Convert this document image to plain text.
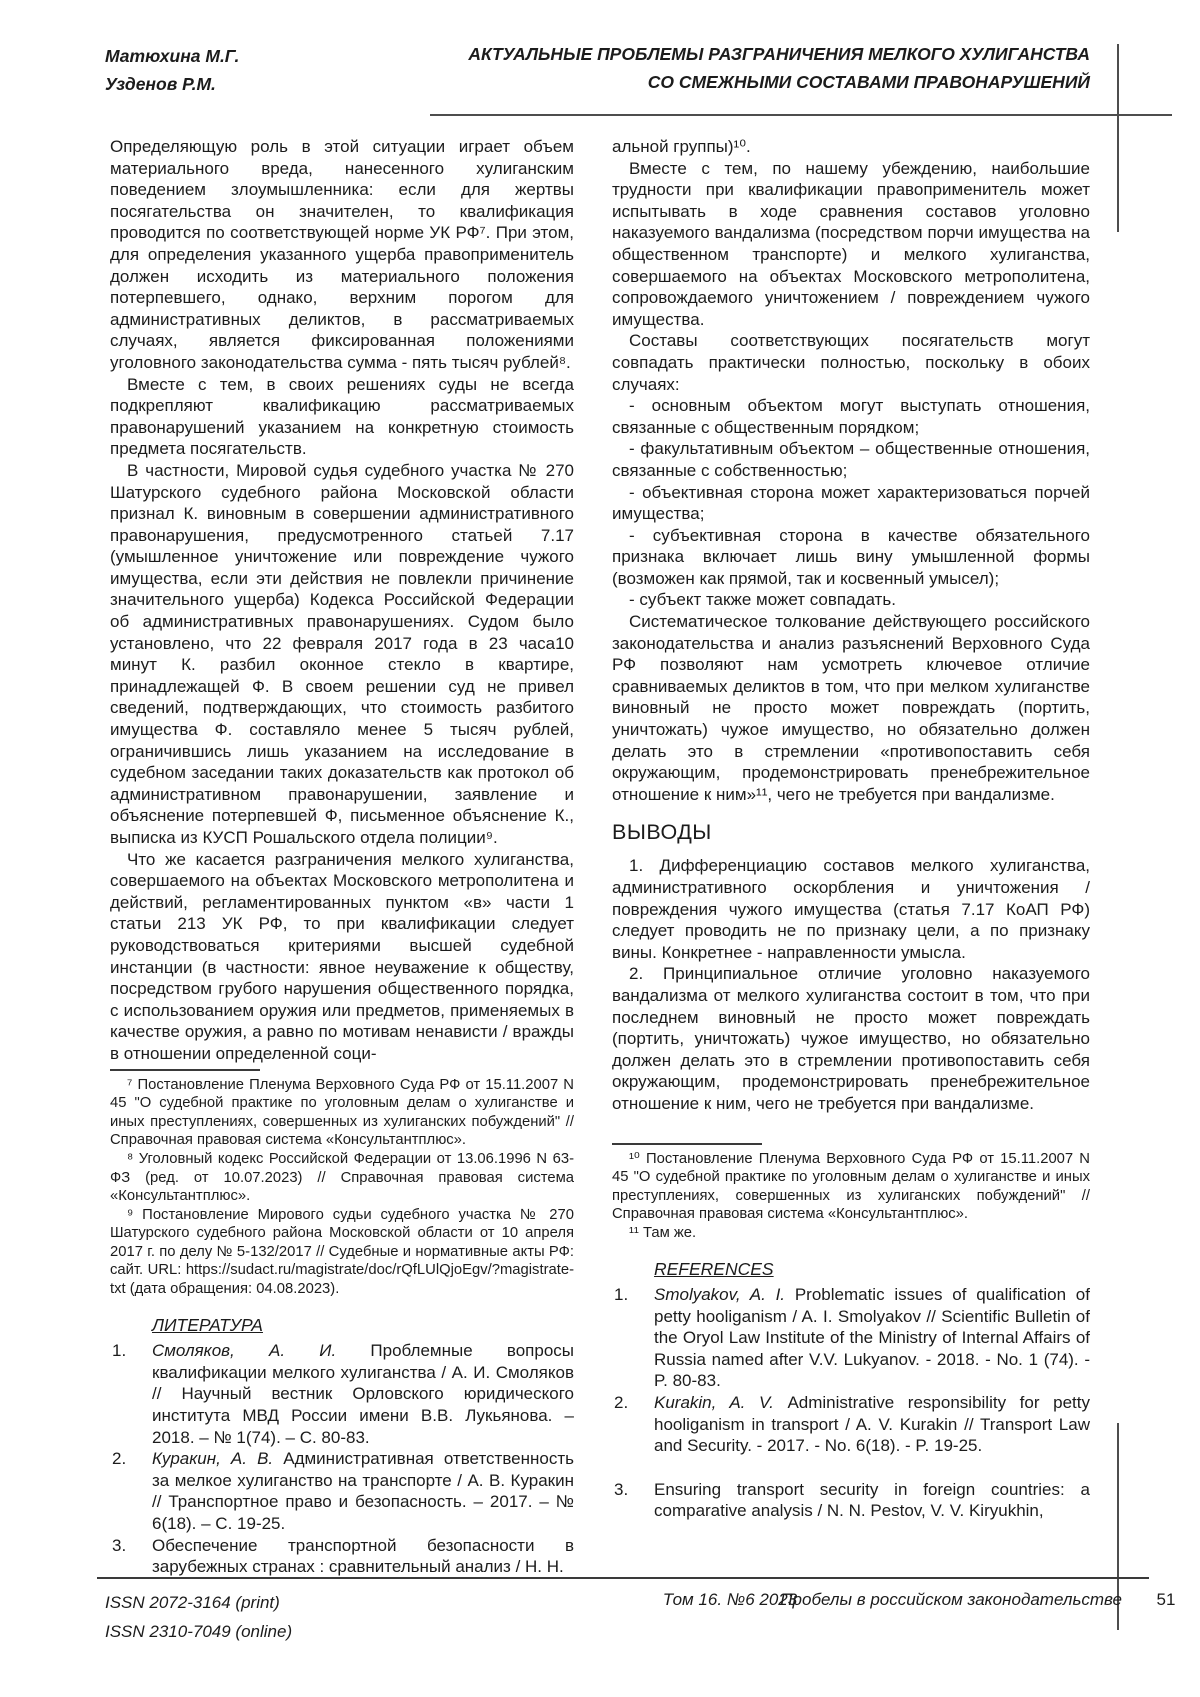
Матюхина М.Г.
Узденов Р.М.
АКТУАЛЬНЫЕ ПРОБЛЕМЫ РАЗГРАНИЧЕНИЯ МЕЛКОГО ХУЛИГАНСТВА
СО СМЕЖНЫМИ СОСТАВАМИ ПРАВОНАРУШЕНИЙ

Определяющую роль в этой ситуации играет объем материального вреда, нанесенного хулиганским поведением злоумышленника: если для жертвы посягательства он значителен, то квалификация проводится по соответствующей норме УК РФ⁷. При этом, для определения указанного ущерба правоприменитель должен исходить из материального положения потерпевшего, однако, верхним порогом для административных деликтов, в рассматриваемых случаях, является фиксированная положениями уголовного законодательства сумма - пять тысяч рублей⁸.

Вместе с тем, в своих решениях суды не всегда подкрепляют квалификацию рассматриваемых правонарушений указанием на конкретную стоимость предмета посягательств.

В частности, Мировой судья судебного участка № 270 Шатурского судебного района Московской области признал К. виновным в совершении административного правонарушения, предусмотренного статьей 7.17 (умышленное уничтожение или повреждение чужого имущества, если эти действия не повлекли причинение значительного ущерба) Кодекса Российской Федерации об административных правонарушениях. Судом было установлено, что 22 февраля 2017 года в 23 часа10 минут К. разбил оконное стекло в квартире, принадлежащей Ф. В своем решении суд не привел сведений, подтверждающих, что стоимость разбитого имущества Ф. составляло менее 5 тысяч рублей, ограничившись лишь указанием на исследование в судебном заседании таких доказательств как протокол об административном правонарушении, заявление и объяснение потерпевшей Ф, письменное объяснение К., выписка из КУСП Рошальского отдела полиции⁹.

Что же касается разграничения мелкого хулиганства, совершаемого на объектах Московского метрополитена и действий, регламентированных пунктом «в» части 1 статьи 213 УК РФ, то при квалификации следует руководствоваться критериями высшей судебной инстанции (в частности: явное неуважение к обществу, посредством грубого нарушения общественного порядка, с использованием оружия или предметов, применяемых в качестве оружия, а равно по мотивам ненависти / вражды в отношении определенной соци-

⁷ Постановление Пленума Верховного Суда РФ от 15.11.2007 N 45 "О судебной практике по уголовным делам о хулиганстве и иных преступлениях, совершенных из хулиганских побуждений" // Справочная правовая система «Консультантплюс».

⁸ Уголовный кодекс Российской Федерации от 13.06.1996 N 63-ФЗ (ред. от 10.07.2023) // Справочная правовая система «Консультантплюс».

⁹ Постановление Мирового судьи судебного участка № 270 Шатурского судебного района Московской области от 10 апреля 2017 г. по делу № 5-132/2017 // Судебные и нормативные акты РФ: сайт. URL: https://sudact.ru/magistrate/doc/rQfLUlQjoEgv/?magistrate-txt (дата обращения: 04.08.2023).

ЛИТЕРАТУРА
1. Смоляков, А. И. Проблемные вопросы квалификации мелкого хулиганства / А. И. Смоляков // Научный вестник Орловского юридического института МВД России имени В.В. Лукьянова. – 2018. – № 1(74). – С. 80-83.
2. Куракин, А. В. Административная ответственность за мелкое хулиганство на транспорте / А. В. Куракин // Транспортное право и безопасность. – 2017. – № 6(18). – С. 19-25.
3. Обеспечение транспортной безопасности в зарубежных странах : сравнительный анализ / Н. Н.

альной группы)¹⁰.

Вместе с тем, по нашему убеждению, наибольшие трудности при квалификации правоприменитель может испытывать в ходе сравнения составов уголовно наказуемого вандализма (посредством порчи имущества на общественном транспорте) и мелкого хулиганства, совершаемого на объектах Московского метрополитена, сопровождаемого уничтожением / повреждением чужого имущества.

Составы соответствующих посягательств могут совпадать практически полностью, поскольку в обоих случаях:

- основным объектом могут выступать отношения, связанные с общественным порядком;

- факультативным объектом – общественные отношения, связанные с собственностью;

- объективная сторона может характеризоваться порчей имущества;

- субъективная сторона в качестве обязательного признака включает лишь вину умышленной формы (возможен как прямой, так и косвенный умысел);

- субъект также может совпадать.

Систематическое толкование действующего российского законодательства и анализ разъяснений Верховного Суда РФ позволяют нам усмотреть ключевое отличие сравниваемых деликтов в том, что при мелком хулиганстве виновный не просто может повреждать (портить, уничтожать) чужое имущество, но обязательно должен делать это в стремлении «противопоставить себя окружающим, продемонстрировать пренебрежительное отношение к ним»¹¹, чего не требуется при вандализме.

ВЫВОДЫ

1. Дифференциацию составов мелкого хулиганства, административного оскорбления и уничтожения / повреждения чужого имущества (статья 7.17 КоАП РФ) следует проводить не по признаку цели, а по признаку вины. Конкретнее - направленности умысла.

2. Принципиальное отличие уголовно наказуемого вандализма от мелкого хулиганства состоит в том, что при последнем виновный не просто может повреждать (портить, уничтожать) чужое имущество, но обязательно должен делать это в стремлении противопоставить себя окружающим, продемонстрировать пренебрежительное отношение к ним, чего не требуется при вандализме.

¹⁰ Постановление Пленума Верховного Суда РФ от 15.11.2007 N 45 "О судебной практике по уголовным делам о хулиганстве и иных преступлениях, совершенных из хулиганских побуждений" // Справочная правовая система «Консультантплюс».

¹¹ Там же.

REFERENCES
1. Smolyakov, A. I. Problematic issues of qualification of petty hooliganism / A. I. Smolyakov // Scientific Bulletin of the Oryol Law Institute of the Ministry of Internal Affairs of Russia named after V.V. Lukyanov. - 2018. - No. 1 (74). - P. 80-83.
2. Kurakin, A. V. Administrative responsibility for petty hooliganism in transport / A. V. Kurakin // Transport Law and Security. - 2017. - No. 6(18). - P. 19-25.
3. Ensuring transport security in foreign countries: a comparative analysis / N. N. Pestov, V. V. Kiryukhin,
ISSN 2072-3164 (print)
ISSN 2310-7049 (online)
Том 16. №6 2023
Пробелы в российском законодательстве	51
